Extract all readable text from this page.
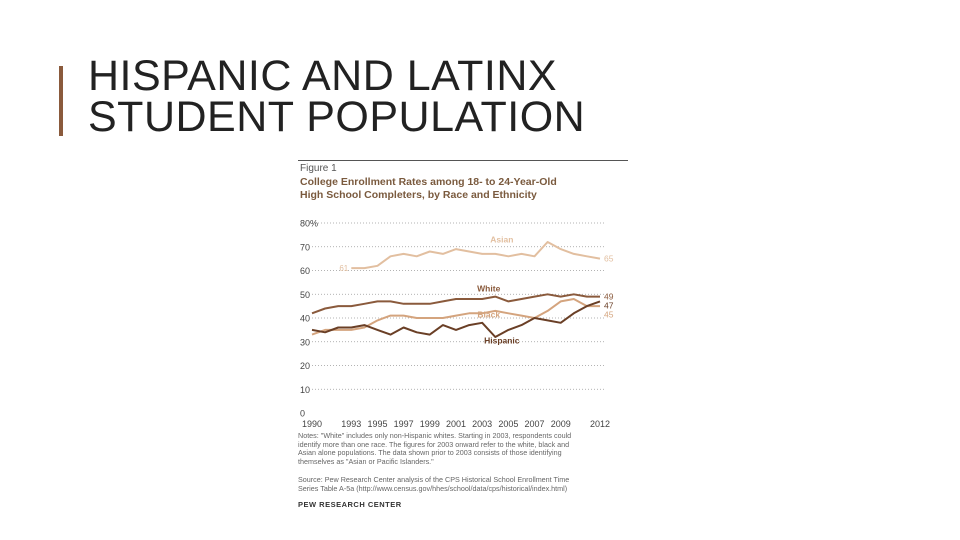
HISPANIC AND LATINX
STUDENT POPULATION
Figure 1
College Enrollment Rates among 18- to 24-Year-Old
High School Completers, by Race and Ethnicity
0
10
20
30
40
50
60
70
80%
1990 1993 1995 1997 1999 2001 2003 2005 2007 2009 2012
Asian
White
Black
Hispanic
61
65
49
47
45
Notes: "White" includes only non-Hispanic whites. Starting in 2003, respondents could
identify more than one race. The figures for 2003 onward refer to the white, black and
Asian alone populations. The data shown prior to 2003 consists of those identifying
themselves as "Asian or Pacific Islanders."
Source: Pew Research Center analysis of the CPS Historical School Enrollment Time
Series Table A-5a (http://www.census.gov/hhes/school/data/cps/historical/index.html)
PEW RESEARCH CENTER
